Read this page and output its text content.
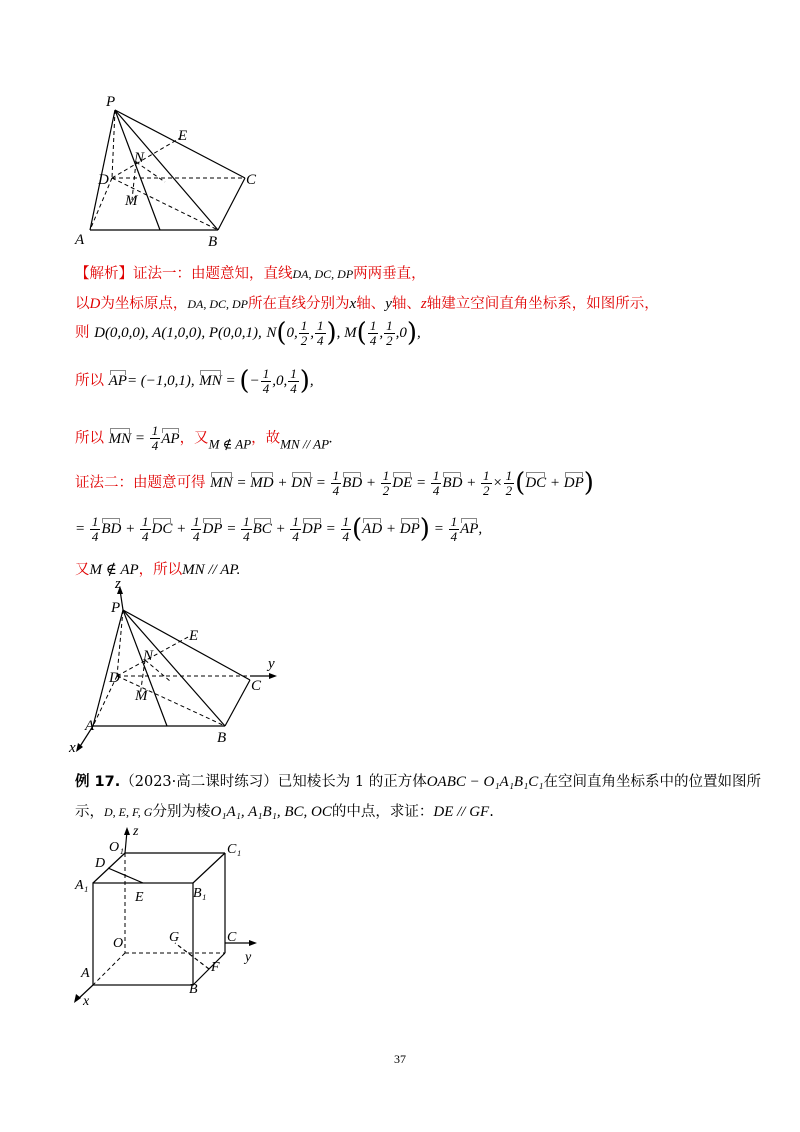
P
E
N
D	C
M
A	B
【解析】证法一：由题意知，直线DA, DC, DP两两垂直，
以D为坐标原点，DA, DC, DP所在直线分别为x轴、y轴、z轴建立空间直角坐标系，如图所示，
则 D(0,0,0), A(1,0,0), P(0,0,1), N(0, $\frac{1}{2}$ , $\frac{1}{4}$ ), $M( \frac{1}{4}$ , $\frac{1}{2} ,0$),
所以 AP= (−1,0,1), MN = (− $\frac{1}{4} ,0$, $\frac{1}{4}$ ),
所以 MN = $\frac{1}{4}$ AP，又M ∉ AP，故MN // AP.
证法二：由题意可得 MN = MD + DN = $\frac{1}{4}$ BD + $\frac{1}{2}$ DE = $\frac{1}{4}$ BD + $\frac{1}{2} \times \frac{1}{2} (DC + DP)$
= $\frac{1}{4}$ BD + $\frac{1}{4}$ DC + $\frac{1}{4}$ DP = $\frac{1}{4}$ BC + $\frac{1}{4}$ DP = $\frac{1}{4} (AD + DP) = \frac{1}{4}$ AP,
又M ∉ AP，所以MN // AP.
z
P
E
N	y
D	C
M
A
B
x
例 17.（2023·高二课时练习）已知棱长为 1 的正方体OABC − O₁A₁B₁C₁在空间直角坐标系中的位置如图所
示，D, E, F, G分别为棱O₁A₁, A₁B₁, BC, OC的中点，求证：DE // GF.
z
O₁	C₁
D
A₁
E	B₁
O	G	C
y
A	F
B
x
37
